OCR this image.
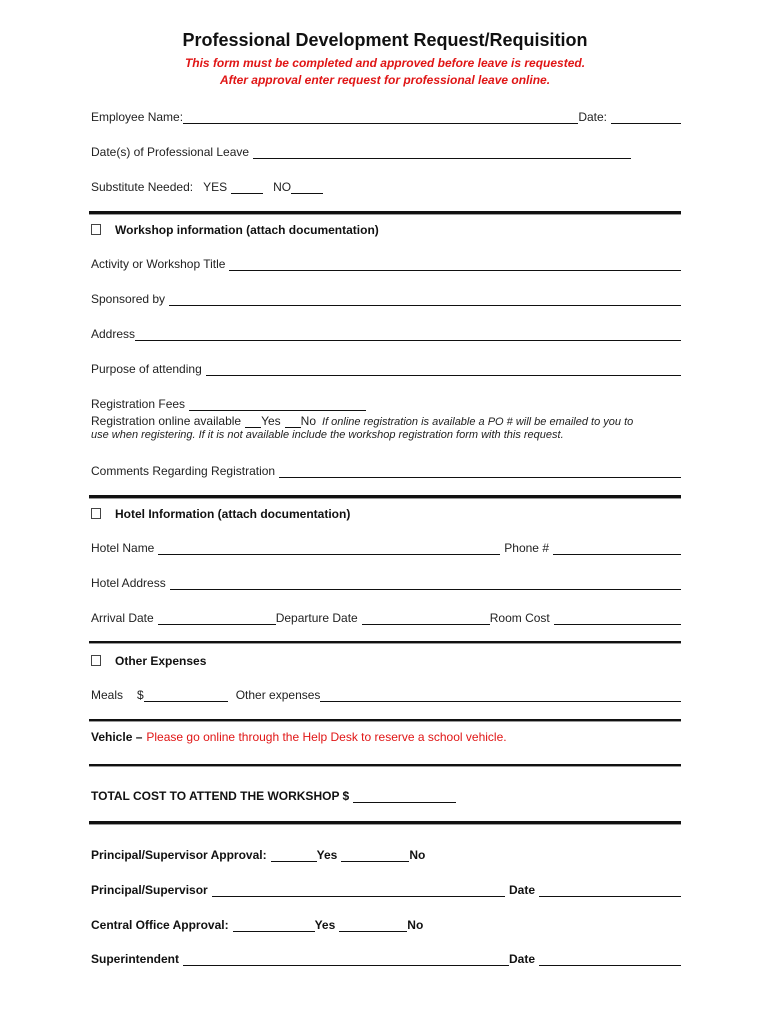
Professional Development Request/Requisition
This form must be completed and approved before leave is requested.
After approval enter request for professional leave online.
Employee Name:	Date:
Date(s) of Professional Leave
Substitute Needed: YES	NO
Workshop information (attach documentation)
Activity or Workshop Title
Sponsored by
Address
Purpose of attending
Registration Fees
Registration online available Yes No If online registration is available a PO # will be emailed to you to
use when registering. If it is not available include the workshop registration form with this request.
Comments Regarding Registration
Hotel Information (attach documentation)
Hotel Name	Phone #
Hotel Address
Arrival Date	Departure Date	Room Cost
Other Expenses
Meals $	Other expenses
Vehicle – Please go online through the Help Desk to reserve a school vehicle.
TOTAL COST TO ATTEND THE WORKSHOP $
Principal/Supervisor Approval:	Yes	No
Principal/Supervisor	Date
Central Office Approval:	Yes	No
Superintendent	Date
